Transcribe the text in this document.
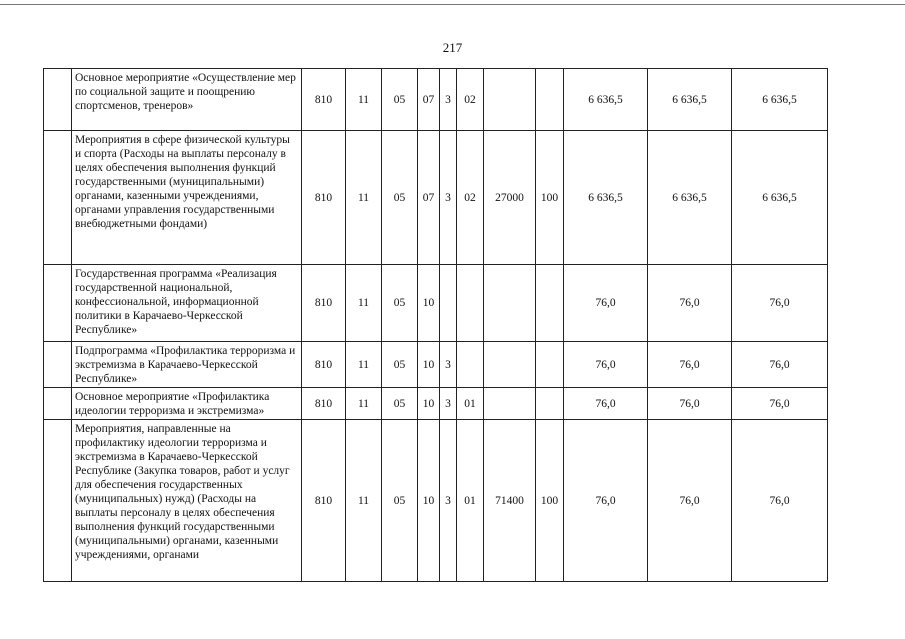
217
	Основное мероприятие «Осуществление мер по социальной защите и поощрению спортсменов, тренеров»	810	11	05	07	3	02			6 636,5	6 636,5	6 636,5
	Мероприятия в сфере физической культуры и спорта (Расходы на выплаты персоналу в целях обеспечения выполнения функций государственными (муниципальными) органами, казенными учреждениями, органами управления государственными внебюджетными фондами)	810	11	05	07	3	02	27000	100	6 636,5	6 636,5	6 636,5
	Государственная программа «Реализация государственной национальной, конфессиональной, информационной политики в Карачаево-Черкесской Республике»	810	11	05	10					76,0	76,0	76,0
	Подпрограмма «Профилактика терроризма и экстремизма в Карачаево-Черкесской Республике»	810	11	05	10	3				76,0	76,0	76,0
	Основное мероприятие «Профилактика идеологии терроризма и экстремизма»	810	11	05	10	3	01			76,0	76,0	76,0
	Мероприятия, направленные на профилактику идеологии терроризма и экстремизма в Карачаево-Черкесской Республике (Закупка товаров, работ и услуг для обеспечения государственных (муниципальных) нужд) (Расходы на выплаты персоналу в целях обеспечения выполнения функций государственными (муниципальными) органами, казенными учреждениями, органами	810	11	05	10	3	01	71400	100	76,0	76,0	76,0
